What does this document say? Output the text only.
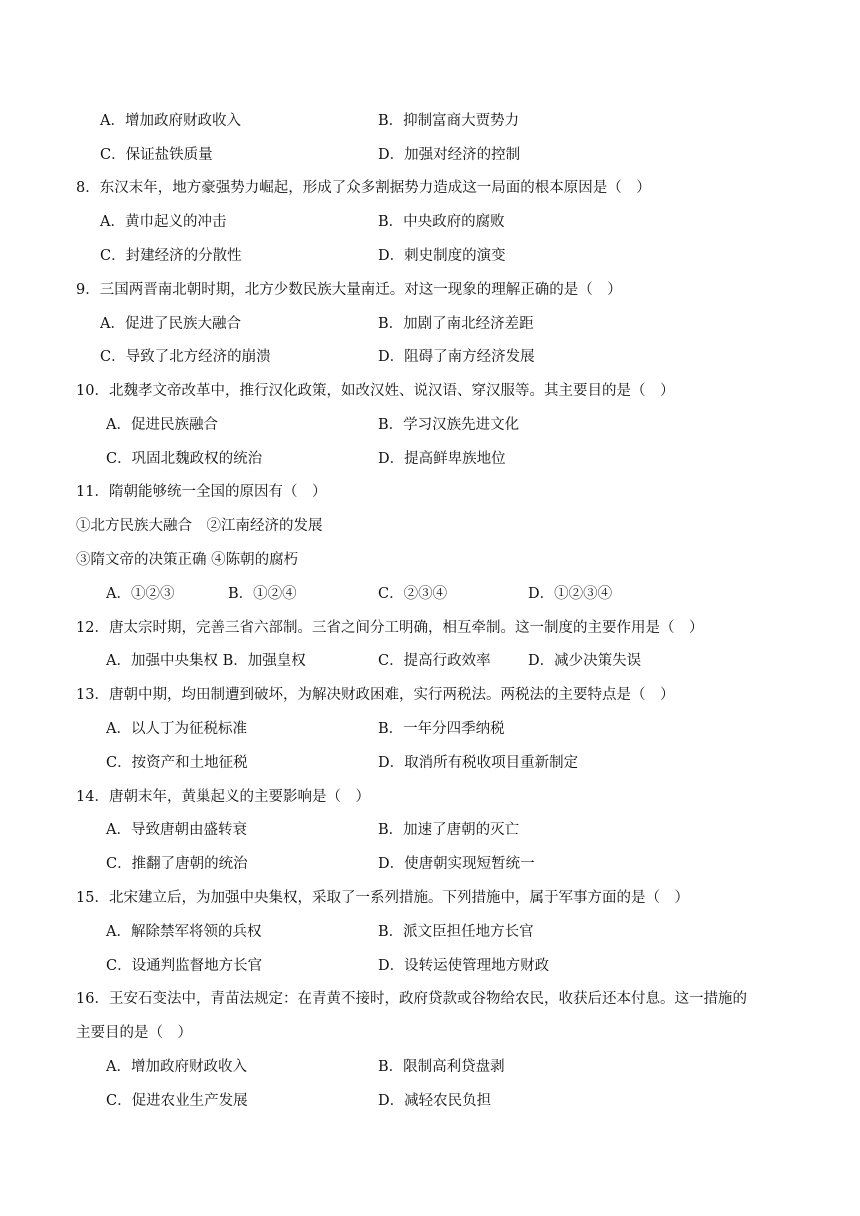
A．增加政府财政收入	B．抑制富商大贾势力
C．保证盐铁质量	D．加强对经济的控制
8．东汉末年，地方豪强势力崛起，形成了众多割据势力造成这一局面的根本原因是（　）
A．黄巾起义的冲击	B．中央政府的腐败
C．封建经济的分散性	D．刺史制度的演变
9．三国两晋南北朝时期，北方少数民族大量南迁。对这一现象的理解正确的是（　）
A．促进了民族大融合	B．加剧了南北经济差距
C．导致了北方经济的崩溃	D．阻碍了南方经济发展
10．北魏孝文帝改革中，推行汉化政策，如改汉姓、说汉语、穿汉服等。其主要目的是（　）
A．促进民族融合	B．学习汉族先进文化
C．巩固北魏政权的统治	D．提高鲜卑族地位
11．隋朝能够统一全国的原因有（　）
①北方民族大融合　②江南经济的发展
③隋文帝的决策正确 ④陈朝的腐朽
A．①②③	B．①②④	C．②③④	D．①②③④
12．唐太宗时期，完善三省六部制。三省之间分工明确，相互牵制。这一制度的主要作用是（　）
A．加强中央集权 B．加强皇权	C．提高行政效率	D．减少决策失误
13．唐朝中期，均田制遭到破坏，为解决财政困难，实行两税法。两税法的主要特点是（　）
A．以人丁为征税标准	B．一年分四季纳税
C．按资产和土地征税	D．取消所有税收项目重新制定
14．唐朝末年，黄巢起义的主要影响是（　）
A．导致唐朝由盛转衰	B．加速了唐朝的灭亡
C．推翻了唐朝的统治	D．使唐朝实现短暂统一
15．北宋建立后，为加强中央集权，采取了一系列措施。下列措施中，属于军事方面的是（　）
A．解除禁军将领的兵权	B．派文臣担任地方长官
C．设通判监督地方长官	D．设转运使管理地方财政
16．王安石变法中，青苗法规定：在青黄不接时，政府贷款或谷物给农民，收获后还本付息。这一措施的
主要目的是（　）
A．增加政府财政收入	B．限制高利贷盘剥
C．促进农业生产发展	D．减轻农民负担
